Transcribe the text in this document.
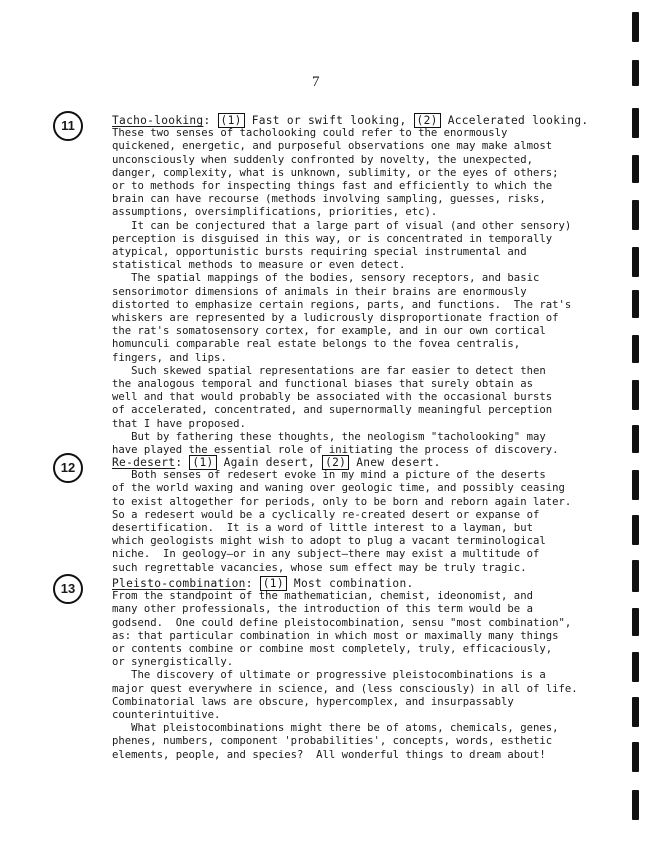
7
11	Tacho-looking: (1) Fast or swift looking, (2) Accelerated looking.
These two senses of tacholooking could refer to the enormously
quickened, energetic, and purposeful observations one may make almost
unconsciously when suddenly confronted by novelty, the unexpected,
danger, complexity, what is unknown, sublimity, or the eyes of others;
or to methods for inspecting things fast and efficiently to which the
brain can have recourse (methods involving sampling, guesses, risks,
assumptions, oversimplifications, priorities, etc).
It can be conjectured that a large part of visual (and other sensory)
perception is disguised in this way, or is concentrated in temporally
atypical, opportunistic bursts requiring special instrumental and
statistical methods to measure or even detect.
The spatial mappings of the bodies, sensory receptors, and basic
sensorimotor dimensions of animals in their brains are enormously
distorted to emphasize certain regions, parts, and functions.  The rat's
whiskers are represented by a ludicrously disproportionate fraction of
the rat's somatosensory cortex, for example, and in our own cortical
homunculi comparable real estate belongs to the fovea centralis,
fingers, and lips.
Such skewed spatial representations are far easier to detect then
the analogous temporal and functional biases that surely obtain as
well and that would probably be associated with the occasional bursts
of accelerated, concentrated, and supernormally meaningful perception
that I have proposed.
But by fathering these thoughts, the neologism "tacholooking" may
have played the essential role of initiating the process of discovery.
12	Re-desert: (1) Again desert, (2) Anew desert.
Both senses of redesert evoke in my mind a picture of the deserts
of the world waxing and waning over geologic time, and possibly ceasing
to exist altogether for periods, only to be born and reborn again later.
So a redesert would be a cyclically re-created desert or expanse of
desertification.  It is a word of little interest to a layman, but
which geologists might wish to adopt to plug a vacant terminological
niche.  In geology—or in any subject—there may exist a multitude of
such regrettable vacancies, whose sum effect may be truly tragic.
13	Pleisto-combination: (1) Most combination.
From the standpoint of the mathematician, chemist, ideonomist, and
many other professionals, the introduction of this term would be a
godsend.  One could define pleistocombination, sensu "most combination",
as: that particular combination in which most or maximally many things
or contents combine or combine most completely, truly, efficaciously,
or synergistically.
The discovery of ultimate or progressive pleistocombinations is a
major quest everywhere in science, and (less consciously) in all of life.
Combinatorial laws are obscure, hypercomplex, and insurpassably
counterintuitive.
What pleistocombinations might there be of atoms, chemicals, genes,
phenes, numbers, component 'probabilities', concepts, words, esthetic
elements, people, and species?  All wonderful things to dream about!
